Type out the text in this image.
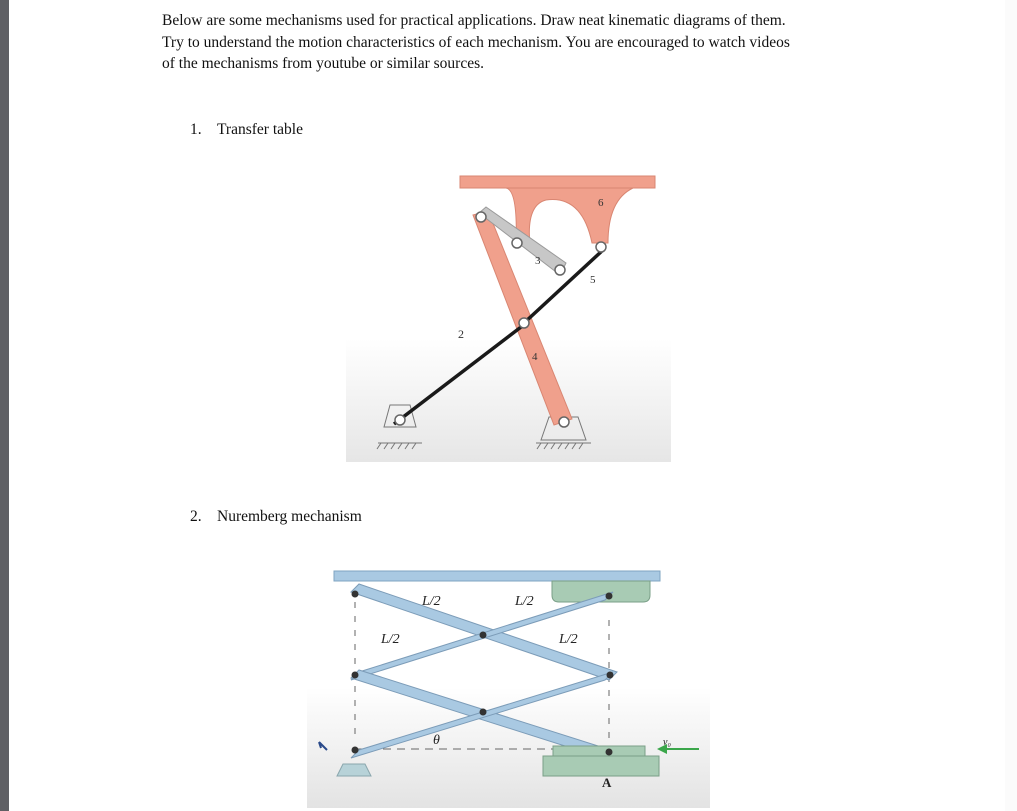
Below are some mechanisms used for practical applications. Draw neat kinematic diagrams of them.
Try to understand the motion characteristics of each mechanism. You are encouraged to watch videos
of the mechanisms from youtube or similar sources.
1. Transfer table
2
3
4
5
6
2. Nuremberg mechanism
L/2	L/2
L/2	L/2
θ
A
v₀
